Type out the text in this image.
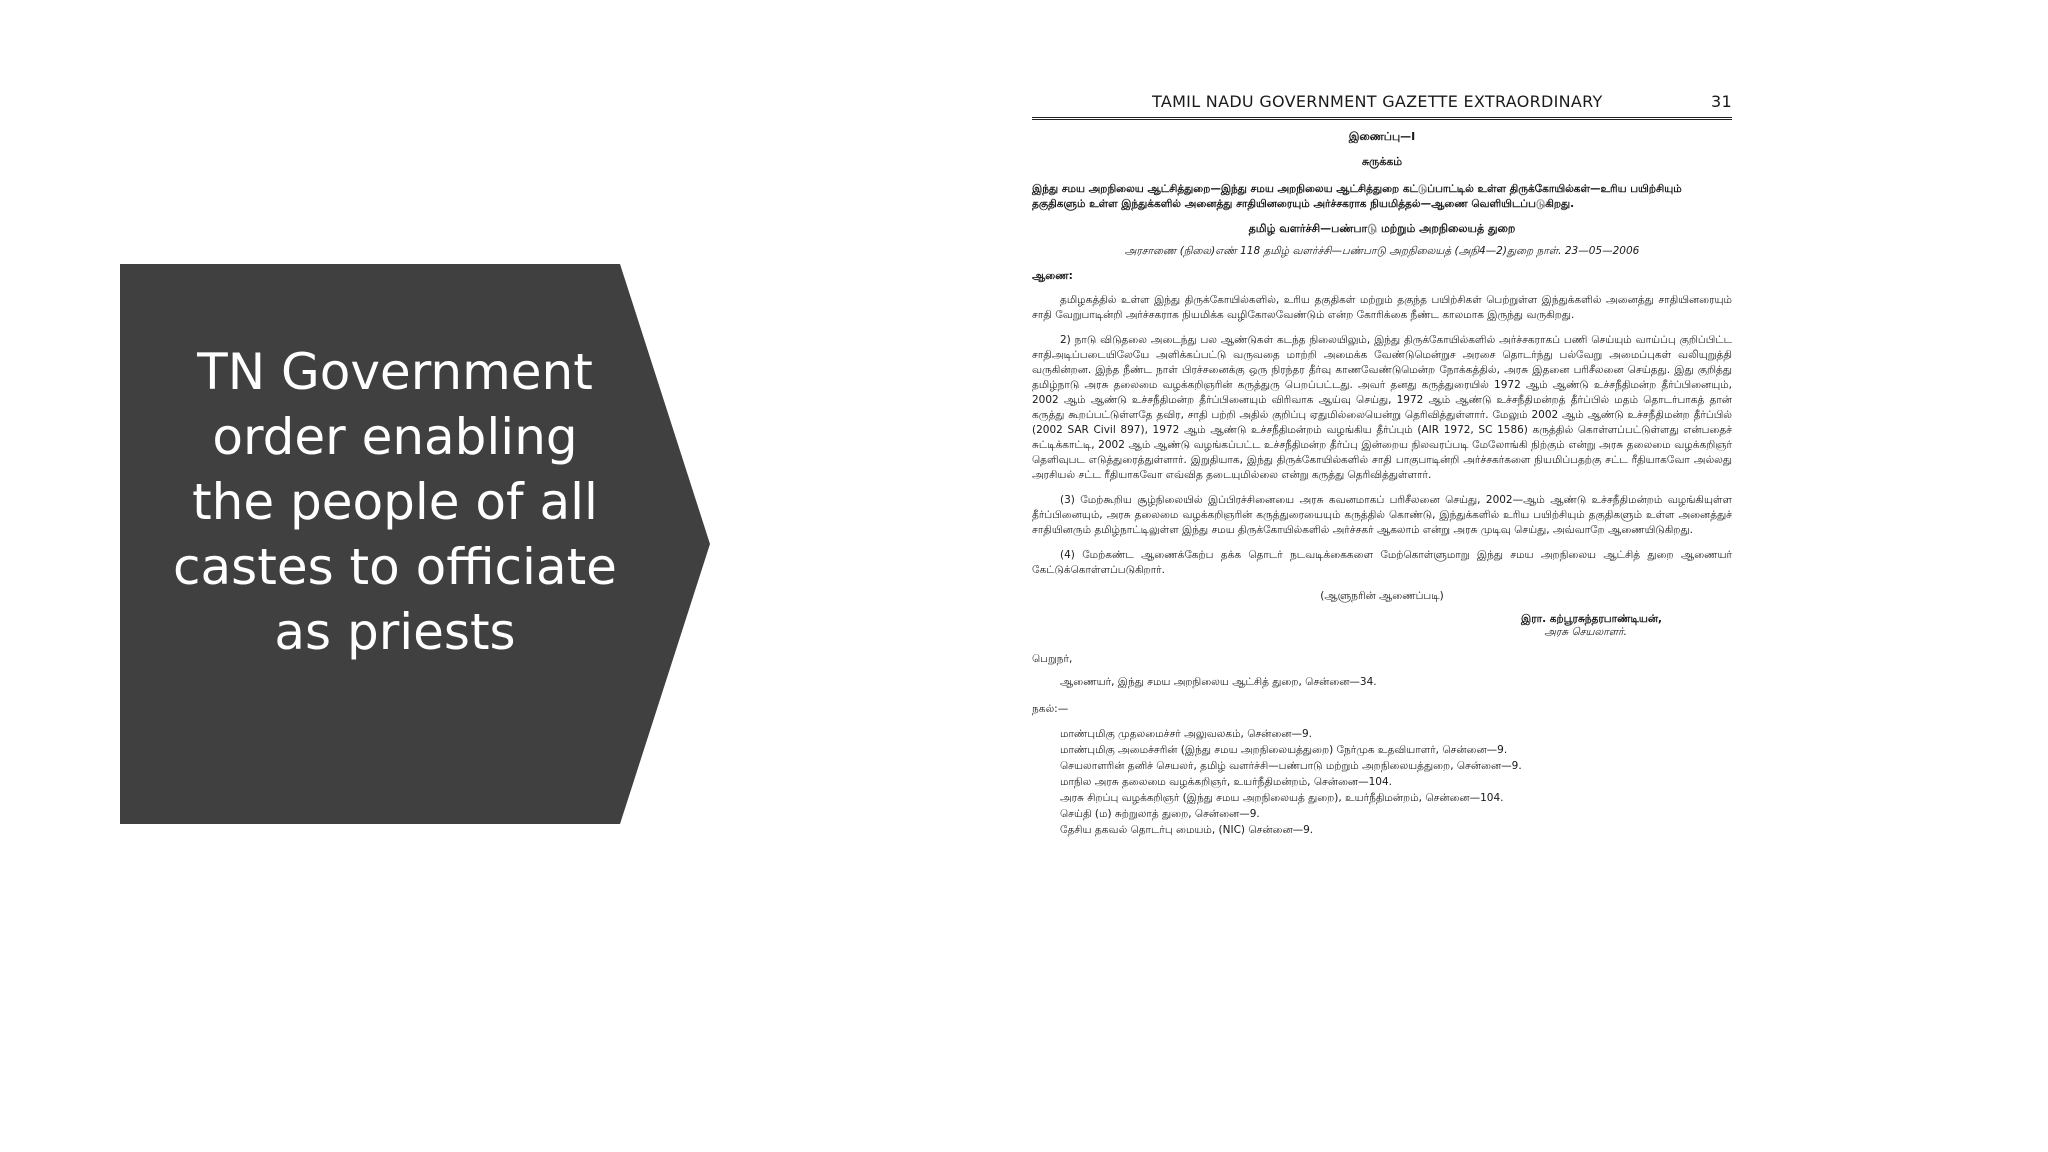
TN Government order enabling the people of all castes to officiate as priests
TAMIL NADU GOVERNMENT GAZETTE EXTRAORDINARY	31
இணைப்பு—I
சுருக்கம்
இந்து சமய அறநிலைய ஆட்சித்துறை—இந்து சமய அறநிலைய ஆட்சித்துறை கட்டுப்பாட்டில் உள்ள திருக்கோயில்கள்—உரிய பயிற்சியும் தகுதிகளும் உள்ள இந்துக்களில் அனைத்து சாதியினரையும் அர்ச்சகராக நியமித்தல்—ஆணை வெளியிடப்படுகிறது.
தமிழ் வளர்ச்சி—பண்பாடு மற்றும் அறநிலையத் துறை
அரசாணை (நிலை)எண் 118 தமிழ் வளர்ச்சி—பண்பாடு அறநிலையத் (அநி4—2)துறை நாள். 23—05—2006
ஆணை:
தமிழகத்தில் உள்ள இந்து திருக்கோயில்களில், உரிய தகுதிகள் மற்றும் தகுந்த பயிற்சிகள் பெற்றுள்ள இந்துக்களில் அனைத்து சாதியினரையும் சாதி வேறுபாடின்றி அர்ச்சகராக நியமிக்க வழிகோலவேண்டும் என்ற கோரிக்கை நீண்ட காலமாக இருந்து வருகிறது.
2) நாடு விடுதலை அடைந்து பல ஆண்டுகள் கடந்த நிலையிலும், இந்து திருக்கோயில்களில் அர்ச்சகராகப் பணி செய்யும் வாய்ப்பு குறிப்பிட்ட சாதிஅடிப்படையிலேயே அளிக்கப்பட்டு வருவதை மாற்றி அமைக்க வேண்டுமென்றுச அரசை தொடர்ந்து பல்வேறு அமைப்புகள் வலியுறுத்தி வருகின்றன. இந்த நீண்ட நாள் பிரச்சனைக்கு ஒரு நிரந்தர தீர்வு காணவேண்டுமென்ற நோக்கத்தில், அரசு இதனை பரிசீலனை செய்தது. இது குறித்து தமிழ்நாடு அரசு தலைமை வழக்கறிஞரின் கருத்துரு பெறப்பட்டது. அவர் தனது கருத்துரையில் 1972 ஆம் ஆண்டு உச்சநீதிமன்ற தீர்ப்பினையும், 2002 ஆம் ஆண்டு உச்சநீதிமன்ற தீர்ப்பினையும் விரிவாக ஆய்வு செய்து, 1972 ஆம் ஆண்டு உச்சநீதிமன்றத் தீர்ப்பில் மதம் தொடர்பாகத் தான் கருத்து கூறப்பட்டுள்ளதே தவிர, சாதி பற்றி அதில் குறிப்பு ஏதுமில்லையென்று தெரிவித்துள்ளார். மேலும் 2002 ஆம் ஆண்டு உச்சநீதிமன்ற தீர்ப்பில் (2002 SAR Civil 897), 1972 ஆம் ஆண்டு உச்சநீதிமன்றம் வழங்கிய தீர்ப்பும் (AIR 1972, SC 1586) கருத்தில் கொள்ளப்பட்டுள்ளது என்பதைச் சுட்டிக்காட்டி, 2002 ஆம் ஆண்டு வழங்கப்பட்ட உச்சநீதிமன்ற தீர்ப்பு இன்றைய நிலவரப்படி மேலோங்கி நிற்கும் என்று அரசு தலைமை வழக்கறிஞர் தெளிவுபட எடுத்துரைத்துள்ளார். இறுதியாக, இந்து திருக்கோயில்களில் சாதி பாகுபாடின்றி அர்ச்சகர்களை நியமிப்பதற்கு சட்ட ரீதியாகவோ அல்லது அரசியல் சட்ட ரீதியாகவோ எவ்வித தடையுமில்லை என்று கருத்து தெரிவித்துள்ளார்.
(3) மேற்கூறிய சூழ்நிலையில் இப்பிரச்சினையை அரசு கவனமாகப் பரிசீலனை செய்து, 2002—ஆம் ஆண்டு உச்சநீதிமன்றம் வழங்கியுள்ள தீர்ப்பினையும், அரசு தலைமை வழக்கறிஞரின் கருத்துரையையும் கருத்தில் கொண்டு, இந்துக்களில் உரிய பயிற்சியும் தகுதிகளும் உள்ள அனைத்துச் சாதியினரும் தமிழ்நாட்டிலுள்ள இந்து சமய திருக்கோயில்களில் அர்ச்சகர் ஆகலாம் என்று அரசு முடிவு செய்து, அவ்வாறே ஆணையிடுகிறது.
(4) மேற்கண்ட ஆணைக்கேற்ப தக்க தொடர் நடவடிக்கைகளை மேற்கொள்ளுமாறு இந்து சமய அறநிலைய ஆட்சித் துறை ஆணையர் கேட்டுக்கொள்ளப்படுகிறார்.
(ஆளுநரின் ஆணைப்படி)
இரா. கற்பூரசுந்தரபாண்டியன்,
அரசு செயலாளர்.
பெறுநர்,
ஆணையர், இந்து சமய அறநிலைய ஆட்சித் துறை, சென்னை—34.
நகல்:—
மாண்புமிகு முதலமைச்சர் அலுவலகம், சென்னை—9.
மாண்புமிகு அமைச்சரின் (இந்து சமய அறநிலையத்துறை) நேர்முக உதவியாளர், சென்னை—9.
செயலாளரின் தனிச் செயலர், தமிழ் வளர்ச்சி—பண்பாடு மற்றும் அறநிலையத்துறை, சென்னை—9.
மாநில அரசு தலைமை வழக்கறிஞர், உயர்நீதிமன்றம், சென்னை—104.
அரசு சிறப்பு வழக்கறிஞர் (இந்து சமய அறநிலையத் துறை), உயர்நீதிமன்றம், சென்னை—104.
செய்தி (ம) சுற்றுலாத் துறை, சென்னை—9.
தேசிய தகவல் தொடர்பு மையம், (NIC) சென்னை—9.
